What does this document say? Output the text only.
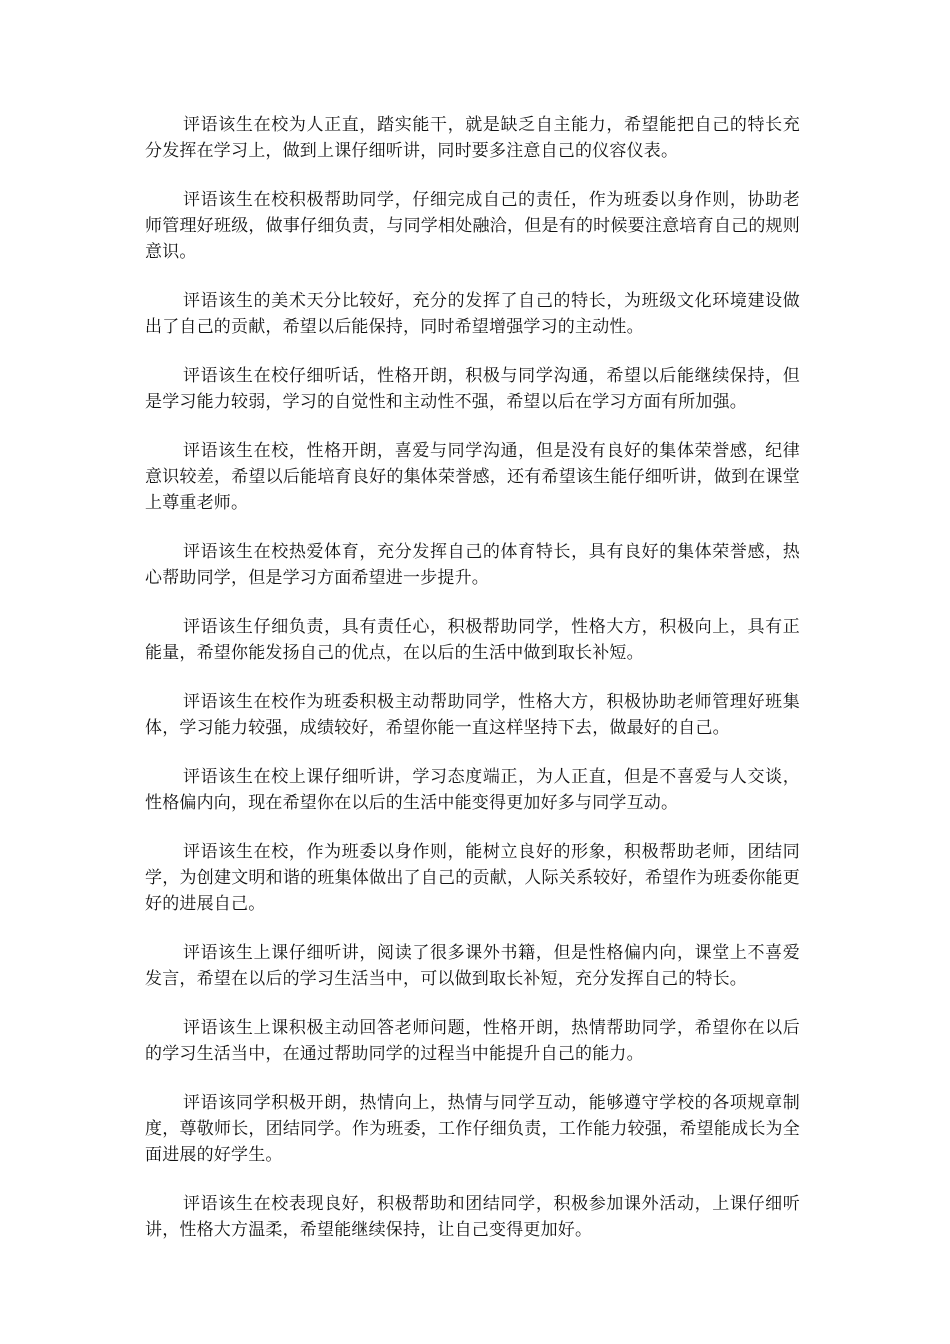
评语该生在校为人正直，踏实能干，就是缺乏自主能力，希望能把自己的特长充分发挥在学习上，做到上课仔细听讲，同时要多注意自己的仪容仪表。

评语该生在校积极帮助同学，仔细完成自己的责任，作为班委以身作则，协助老师管理好班级，做事仔细负责，与同学相处融洽，但是有的时候要注意培育自己的规则意识。

评语该生的美术天分比较好，充分的发挥了自己的特长，为班级文化环境建设做出了自己的贡献，希望以后能保持，同时希望增强学习的主动性。

评语该生在校仔细听话，性格开朗，积极与同学沟通，希望以后能继续保持，但是学习能力较弱，学习的自觉性和主动性不强，希望以后在学习方面有所加强。

评语该生在校，性格开朗，喜爱与同学沟通，但是没有良好的集体荣誉感，纪律意识较差，希望以后能培育良好的集体荣誉感，还有希望该生能仔细听讲，做到在课堂上尊重老师。

评语该生在校热爱体育，充分发挥自己的体育特长，具有良好的集体荣誉感，热心帮助同学，但是学习方面希望进一步提升。

评语该生仔细负责，具有责任心，积极帮助同学，性格大方，积极向上，具有正能量，希望你能发扬自己的优点，在以后的生活中做到取长补短。

评语该生在校作为班委积极主动帮助同学，性格大方，积极协助老师管理好班集体，学习能力较强，成绩较好，希望你能一直这样坚持下去，做最好的自己。

评语该生在校上课仔细听讲，学习态度端正，为人正直，但是不喜爱与人交谈，性格偏内向，现在希望你在以后的生活中能变得更加好多与同学互动。

评语该生在校，作为班委以身作则，能树立良好的形象，积极帮助老师，团结同学，为创建文明和谐的班集体做出了自己的贡献，人际关系较好，希望作为班委你能更好的进展自己。

评语该生上课仔细听讲，阅读了很多课外书籍，但是性格偏内向，课堂上不喜爱发言，希望在以后的学习生活当中，可以做到取长补短，充分发挥自己的特长。

评语该生上课积极主动回答老师问题，性格开朗，热情帮助同学，希望你在以后的学习生活当中，在通过帮助同学的过程当中能提升自己的能力。

评语该同学积极开朗，热情向上，热情与同学互动，能够遵守学校的各项规章制度，尊敬师长，团结同学。作为班委，工作仔细负责，工作能力较强，希望能成长为全面进展的好学生。

评语该生在校表现良好，积极帮助和团结同学，积极参加课外活动，上课仔细听讲，性格大方温柔，希望能继续保持，让自己变得更加好。
